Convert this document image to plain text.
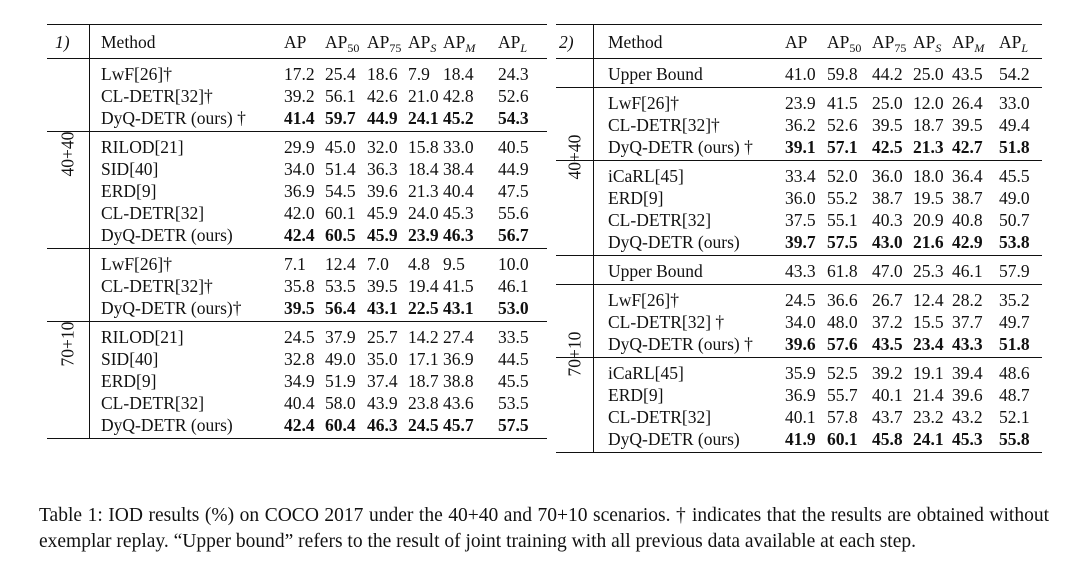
1) Method	AP $AP_{50}$ $AP_{75}$ $AP_S$ $AP_M$ $AP_L$
40+40
LwF[26]†	17.2 25.4 18.6 7.9 18.4 24.3
CL-DETR[32]†	39.2 56.1 42.6 21.0 42.8 52.6
DyQ-DETR (ours) † 41.4 59.7 44.9 24.1 45.2 54.3
RILOD[21]	29.9 45.0 32.0 15.8 33.0 40.5
SID[40]	34.0 51.4 36.3 18.4 38.4 44.9
ERD[9]	36.9 54.5 39.6 21.3 40.4 47.5
CL-DETR[32]	42.0 60.1 45.9 24.0 45.3 55.6
DyQ-DETR (ours)	42.4 60.5 45.9 23.9 46.3 56.7
70+10
LwF[26]†	7.1 12.4 7.0 4.8 9.5 10.0
CL-DETR[32]†	35.8 53.5 39.5 19.4 41.5 46.1
DyQ-DETR (ours)† 39.5 56.4 43.1 22.5 43.1 53.0
RILOD[21]	24.5 37.9 25.7 14.2 27.4 33.5
SID[40]	32.8 49.0 35.0 17.1 36.9 44.5
ERD[9]	34.9 51.9 37.4 18.7 38.8 45.5
CL-DETR[32]	40.4 58.0 43.9 23.8 43.6 53.5
DyQ-DETR (ours)	42.4 60.4 46.3 24.5 45.7 57.5
2) Method	AP $AP_{50}$ $AP_{75}$ $AP_S$ $AP_M$ $AP_L$
40+40
Upper Bound	41.0 59.8 44.2 25.0 43.5 54.2
LwF[26]†	23.9 41.5 25.0 12.0 26.4 33.0
CL-DETR[32]†	36.2 52.6 39.5 18.7 39.5 49.4
DyQ-DETR (ours) † 39.1 57.1 42.5 21.3 42.7 51.8
iCaRL[45]	33.4 52.0 36.0 18.0 36.4 45.5
ERD[9]	36.0 55.2 38.7 19.5 38.7 49.0
CL-DETR[32]	37.5 55.1 40.3 20.9 40.8 50.7
DyQ-DETR (ours)	39.7 57.5 43.0 21.6 42.9 53.8
70+10
Upper Bound	43.3 61.8 47.0 25.3 46.1 57.9
LwF[26]†	24.5 36.6 26.7 12.4 28.2 35.2
CL-DETR[32] †	34.0 48.0 37.2 15.5 37.7 49.7
DyQ-DETR (ours) † 39.6 57.6 43.5 23.4 43.3 51.8
iCaRL[45]	35.9 52.5 39.2 19.1 39.4 48.6
ERD[9]	36.9 55.7 40.1 21.4 39.6 48.7
CL-DETR[32]	40.1 57.8 43.7 23.2 43.2 52.1
DyQ-DETR (ours)	41.9 60.1 45.8 24.1 45.3 55.8

Table 1: IOD results (%) on COCO 2017 under the 40+40 and 70+10 scenarios. † indicates that the results are obtained without exemplar replay. “Upper bound” refers to the result of joint training with all previous data available at each step.
